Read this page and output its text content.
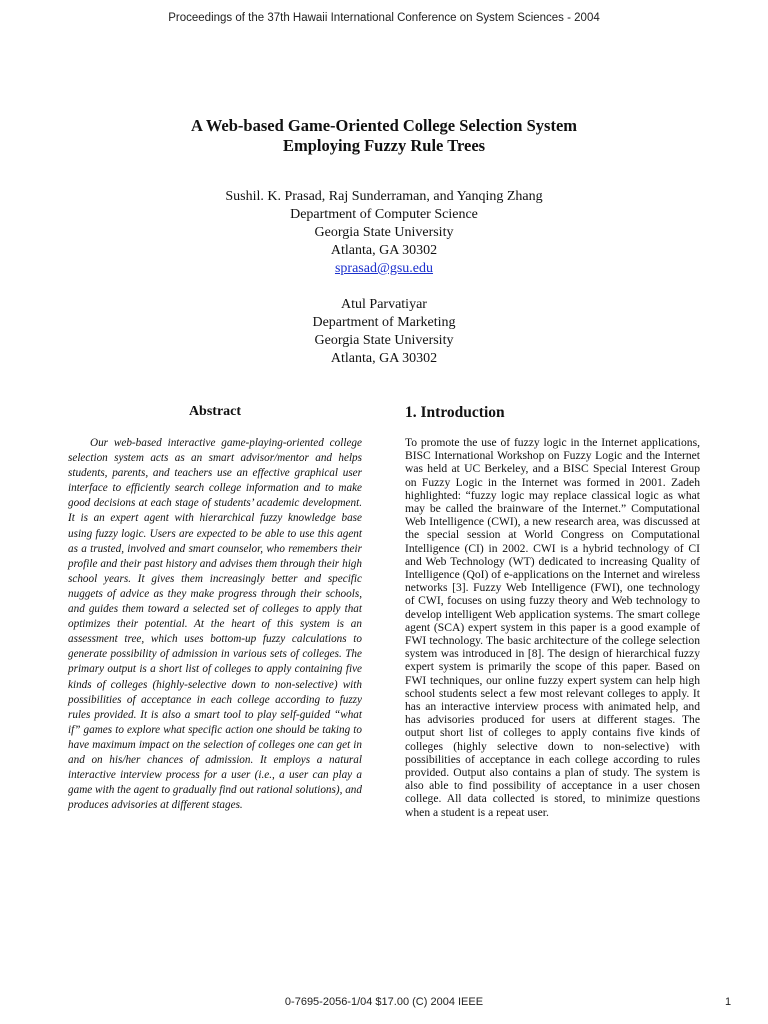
Proceedings of the 37th Hawaii International Conference on System Sciences - 2004
A Web-based Game-Oriented College Selection System
Employing Fuzzy Rule Trees
Sushil. K. Prasad, Raj Sunderraman, and Yanqing Zhang
Department of Computer Science
Georgia State University
Atlanta, GA 30302
sprasad@gsu.edu
Atul Parvatiyar
Department of Marketing
Georgia State University
Atlanta, GA 30302
Abstract

Our web-based interactive game-playing-oriented college selection system acts as an smart advisor/mentor and helps students, parents, and teachers use an effective graphical user interface to efficiently search college information and to make good decisions at each stage of students’ academic development. It is an expert agent with hierarchical fuzzy knowledge base using fuzzy logic. Users are expected to be able to use this agent as a trusted, involved and smart counselor, who remembers their profile and their past history and advises them through their high school years. It gives them increasingly better and specific nuggets of advice as they make progress through their schools, and guides them toward a selected set of colleges to apply that optimizes their potential. At the heart of this system is an assessment tree, which uses bottom-up fuzzy calculations to generate possibility of admission in various sets of colleges. The primary output is a short list of colleges to apply containing five kinds of colleges (highly-selective down to non-selective) with possibilities of acceptance in each college according to fuzzy rules provided. It is also a smart tool to play self-guided “what if” games to explore what specific action one should be taking to have maximum impact on the selection of colleges one can get in and on his/her chances of admission. It employs a natural interactive interview process for a user (i.e., a user can play a game with the agent to gradually find out rational solutions), and produces advisories at different stages.

1. Introduction

To promote the use of fuzzy logic in the Internet applications, BISC International Workshop on Fuzzy Logic and the Internet was held at UC Berkeley, and a BISC Special Interest Group on Fuzzy Logic in the Internet was formed in 2001. Zadeh highlighted: “fuzzy logic may replace classical logic as what may be called the brainware of the Internet.” Computational Web Intelligence (CWI), a new research area, was discussed at the special session at World Congress on Computational Intelligence (CI) in 2002. CWI is a hybrid technology of CI and Web Technology (WT) dedicated to increasing Quality of Intelligence (QoI) of e-applications on the Internet and wireless networks [3]. Fuzzy Web Intelligence (FWI), one technology of CWI, focuses on using fuzzy theory and Web technology to develop intelligent Web application systems. The smart college agent (SCA) expert system in this paper is a good example of FWI technology. The basic architecture of the college selection system was introduced in [8]. The design of hierarchical fuzzy expert system is primarily the scope of this paper. Based on FWI techniques, our online fuzzy expert system can help high school students select a few most relevant colleges to apply. It has an interactive interview process with animated help, and has advisories produced for users at different stages. The output short list of colleges to apply contains five kinds of colleges (highly selective down to non-selective) with possibilities of acceptance in each college according to rules provided. Output also contains a plan of study. The system is also able to find possibility of acceptance in a user chosen college. All data collected is stored, to minimize questions when a student is a repeat user.

0-7695-2056-1/04 $17.00 (C) 2004 IEEE	1
